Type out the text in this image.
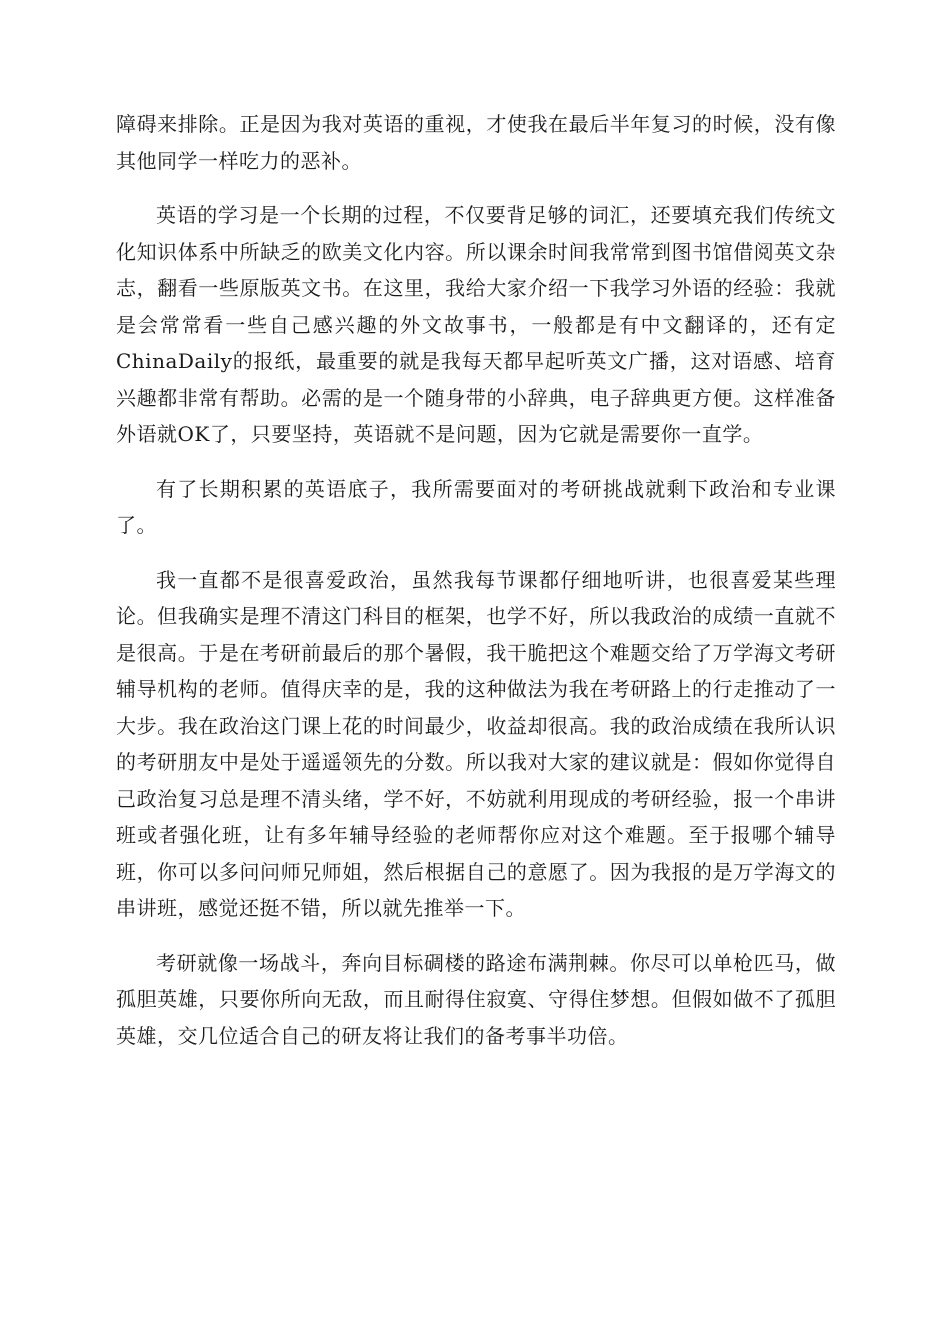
障碍来排除。正是因为我对英语的重视，才使我在最后半年复习的时候，没有像其他同学一样吃力的恶补。

英语的学习是一个长期的过程，不仅要背足够的词汇，还要填充我们传统文化知识体系中所缺乏的欧美文化内容。所以课余时间我常常到图书馆借阅英文杂志，翻看一些原版英文书。在这里，我给大家介绍一下我学习外语的经验：我就是会常常看一些自己感兴趣的外文故事书，一般都是有中文翻译的，还有定ChinaDaily的报纸，最重要的就是我每天都早起听英文广播，这对语感、培育兴趣都非常有帮助。必需的是一个随身带的小辞典，电子辞典更方便。这样准备外语就OK了，只要坚持，英语就不是问题，因为它就是需要你一直学。

有了长期积累的英语底子，我所需要面对的考研挑战就剩下政治和专业课了。

我一直都不是很喜爱政治，虽然我每节课都仔细地听讲，也很喜爱某些理论。但我确实是理不清这门科目的框架，也学不好，所以我政治的成绩一直就不是很高。于是在考研前最后的那个暑假，我干脆把这个难题交给了万学海文考研辅导机构的老师。值得庆幸的是，我的这种做法为我在考研路上的行走推动了一大步。我在政治这门课上花的时间最少，收益却很高。我的政治成绩在我所认识的考研朋友中是处于遥遥领先的分数。所以我对大家的建议就是：假如你觉得自己政治复习总是理不清头绪，学不好，不妨就利用现成的考研经验，报一个串讲班或者强化班，让有多年辅导经验的老师帮你应对这个难题。至于报哪个辅导班，你可以多问问师兄师姐，然后根据自己的意愿了。因为我报的是万学海文的串讲班，感觉还挺不错，所以就先推举一下。

考研就像一场战斗，奔向目标碉楼的路途布满荆棘。你尽可以单枪匹马，做孤胆英雄，只要你所向无敌，而且耐得住寂寞、守得住梦想。但假如做不了孤胆英雄，交几位适合自己的研友将让我们的备考事半功倍。
